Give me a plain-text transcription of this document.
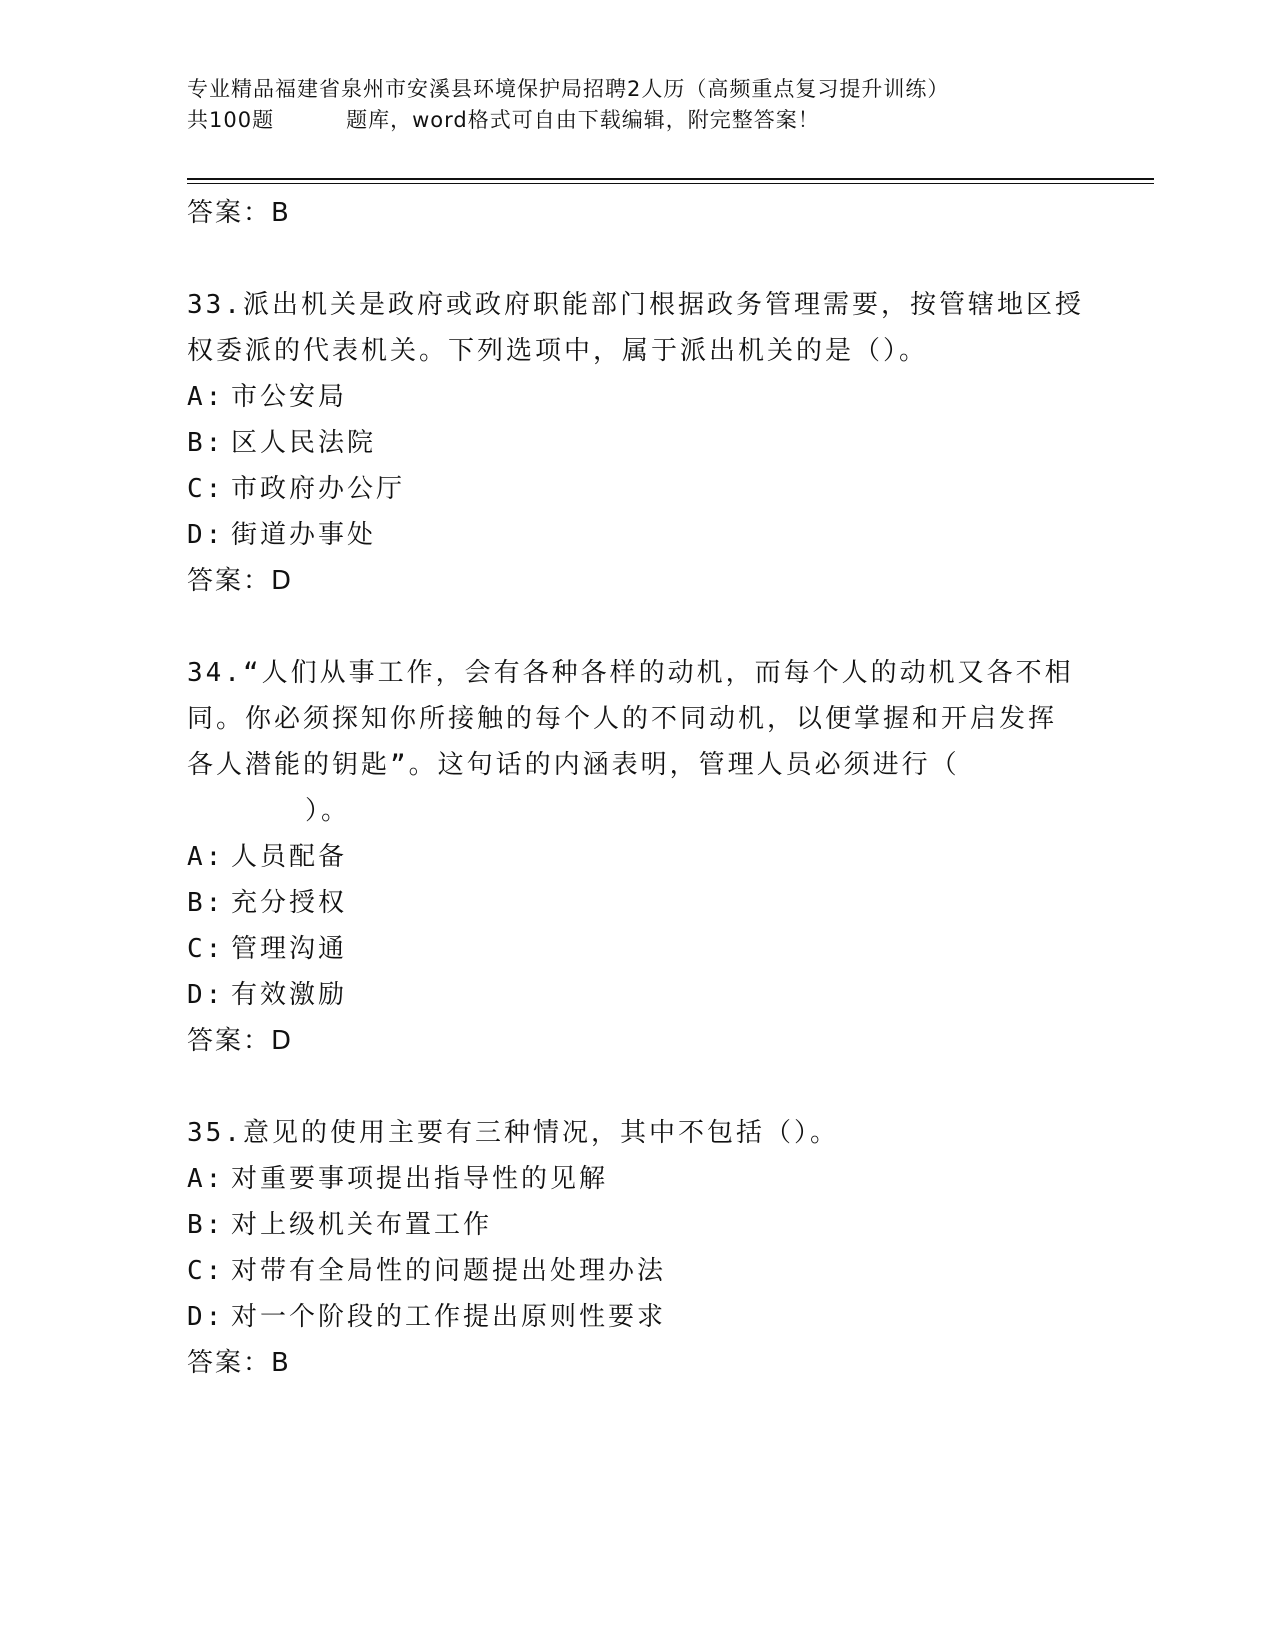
专业精品福建省泉州市安溪县环境保护局招聘2人历（高频重点复习提升训练）
共100题	题库，word格式可自由下载编辑，附完整答案！
答案：B
33.派出机关是政府或政府职能部门根据政务管理需要，按管辖地区授
权委派的代表机关。下列选项中，属于派出机关的是（）。
A: 市公安局
B: 区人民法院
C: 市政府办公厅
D: 街道办事处
答案：D
34.“人们从事工作，会有各种各样的动机，而每个人的动机又各不相
同。你必须探知你所接触的每个人的不同动机，以便掌握和开启发挥
各人潜能的钥匙”。这句话的内涵表明，管理人员必须进行（
）。
A: 人员配备
B: 充分授权
C: 管理沟通
D: 有效激励
答案：D
35.意见的使用主要有三种情况，其中不包括（）。
A: 对重要事项提出指导性的见解
B: 对上级机关布置工作
C: 对带有全局性的问题提出处理办法
D: 对一个阶段的工作提出原则性要求
答案：B
